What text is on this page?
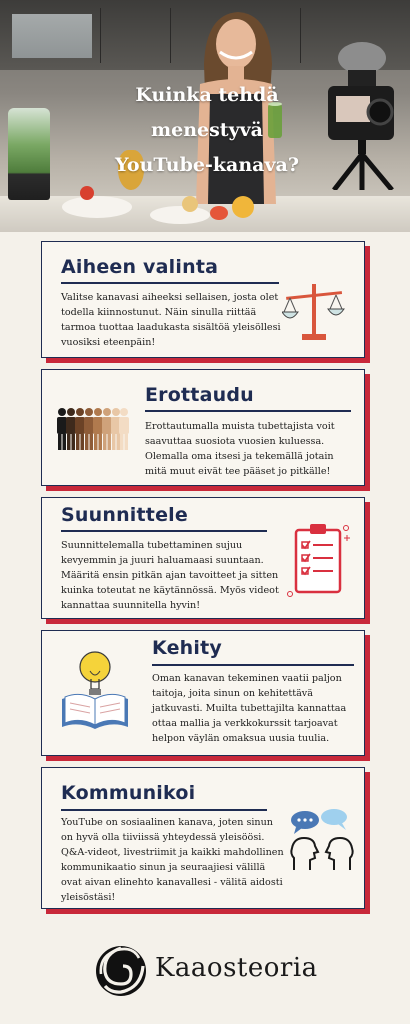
Kuinka tehdä
menestyvä
YouTube-kanava?
Aiheen valinta

Valitse kanavasi aiheeksi sellaisen, josta olet todella kiinnostunut. Näin sinulla riittää tarmoa tuottaa laadukasta sisältöä yleisöllesi vuosiksi eteenpäin!

Erottaudu

Erottautumalla muista tubettajista voit saavuttaa suosiota vuosien kuluessa. Olemalla oma itsesi ja tekemällä jotain mitä muut eivät tee pääset jo pitkälle!

Suunnittele

Suunnittelemalla tubettaminen sujuu kevyemmin ja juuri haluamaasi suuntaan. Määritä ensin pitkän ajan tavoitteet ja sitten kuinka toteutat ne käytännössä. Myös videot kannattaa suunnitella hyvin!

Kehity

Oman kanavan tekeminen vaatii paljon taitoja, joita sinun on kehitettävä jatkuvasti. Muilta tubettajilta kannattaa ottaa mallia ja verkkokurssit tarjoavat helpon väylän omaksua uusia tuulia.

Kommunikoi

YouTube on sosiaalinen kanava, joten sinun on hyvä olla tiiviissä yhteydessä yleisöösi. Q&A-videot, livestriimit ja kaikki mahdollinen kommunikaatio sinun ja seuraajiesi välillä ovat aivan elinehto kanavallesi - välitä aidosti yleisöstäsi!

Kaaosteoria
